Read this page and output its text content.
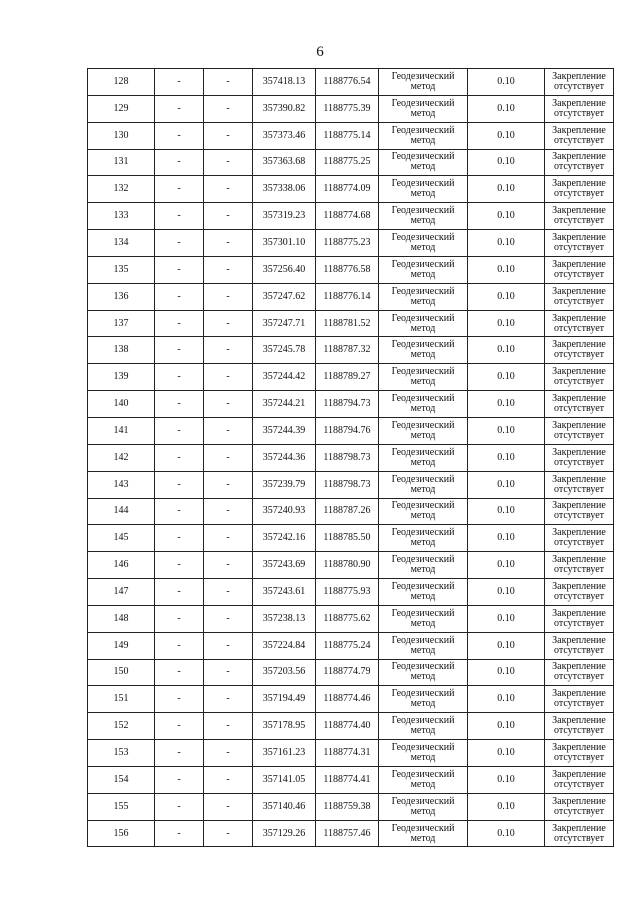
6
128	-	-	357418.13	1188776.54	Геодезический
метод	0.10	Закрепление
отсутствует

129	-	-	357390.82	1188775.39	Геодезический
метод	0.10	Закрепление
отсутствует

130	-	-	357373.46	1188775.14	Геодезический
метод	0.10	Закрепление
отсутствует

131	-	-	357363.68	1188775.25	Геодезический
метод	0.10	Закрепление
отсутствует

132	-	-	357338.06	1188774.09	Геодезический
метод	0.10	Закрепление
отсутствует

133	-	-	357319.23	1188774.68	Геодезический
метод	0.10	Закрепление
отсутствует

134	-	-	357301.10	1188775.23	Геодезический
метод	0.10	Закрепление
отсутствует

135	-	-	357256.40	1188776.58	Геодезический
метод	0.10	Закрепление
отсутствует

136	-	-	357247.62	1188776.14	Геодезический
метод	0.10	Закрепление
отсутствует

137	-	-	357247.71	1188781.52	Геодезический
метод	0.10	Закрепление
отсутствует

138	-	-	357245.78	1188787.32	Геодезический
метод	0.10	Закрепление
отсутствует

139	-	-	357244.42	1188789.27	Геодезический
метод	0.10	Закрепление
отсутствует

140	-	-	357244.21	1188794.73	Геодезический
метод	0.10	Закрепление
отсутствует

141	-	-	357244.39	1188794.76	Геодезический
метод	0.10	Закрепление
отсутствует

142	-	-	357244.36	1188798.73	Геодезический
метод	0.10	Закрепление
отсутствует

143	-	-	357239.79	1188798.73	Геодезический
метод	0.10	Закрепление
отсутствует

144	-	-	357240.93	1188787.26	Геодезический
метод	0.10	Закрепление
отсутствует

145	-	-	357242.16	1188785.50	Геодезический
метод	0.10	Закрепление
отсутствует

146	-	-	357243.69	1188780.90	Геодезический
метод	0.10	Закрепление
отсутствует

147	-	-	357243.61	1188775.93	Геодезический
метод	0.10	Закрепление
отсутствует

148	-	-	357238.13	1188775.62	Геодезический
метод	0.10	Закрепление
отсутствует

149	-	-	357224.84	1188775.24	Геодезический
метод	0.10	Закрепление
отсутствует

150	-	-	357203.56	1188774.79	Геодезический
метод	0.10	Закрепление
отсутствует

151	-	-	357194.49	1188774.46	Геодезический
метод	0.10	Закрепление
отсутствует

152	-	-	357178.95	1188774.40	Геодезический
метод	0.10	Закрепление
отсутствует

153	-	-	357161.23	1188774.31	Геодезический
метод	0.10	Закрепление
отсутствует

154	-	-	357141.05	1188774.41	Геодезический
метод	0.10	Закрепление
отсутствует

155	-	-	357140.46	1188759.38	Геодезический
метод	0.10	Закрепление
отсутствует

156	-	-	357129.26	1188757.46	Геодезический
метод	0.10	Закрепление
отсутствует
